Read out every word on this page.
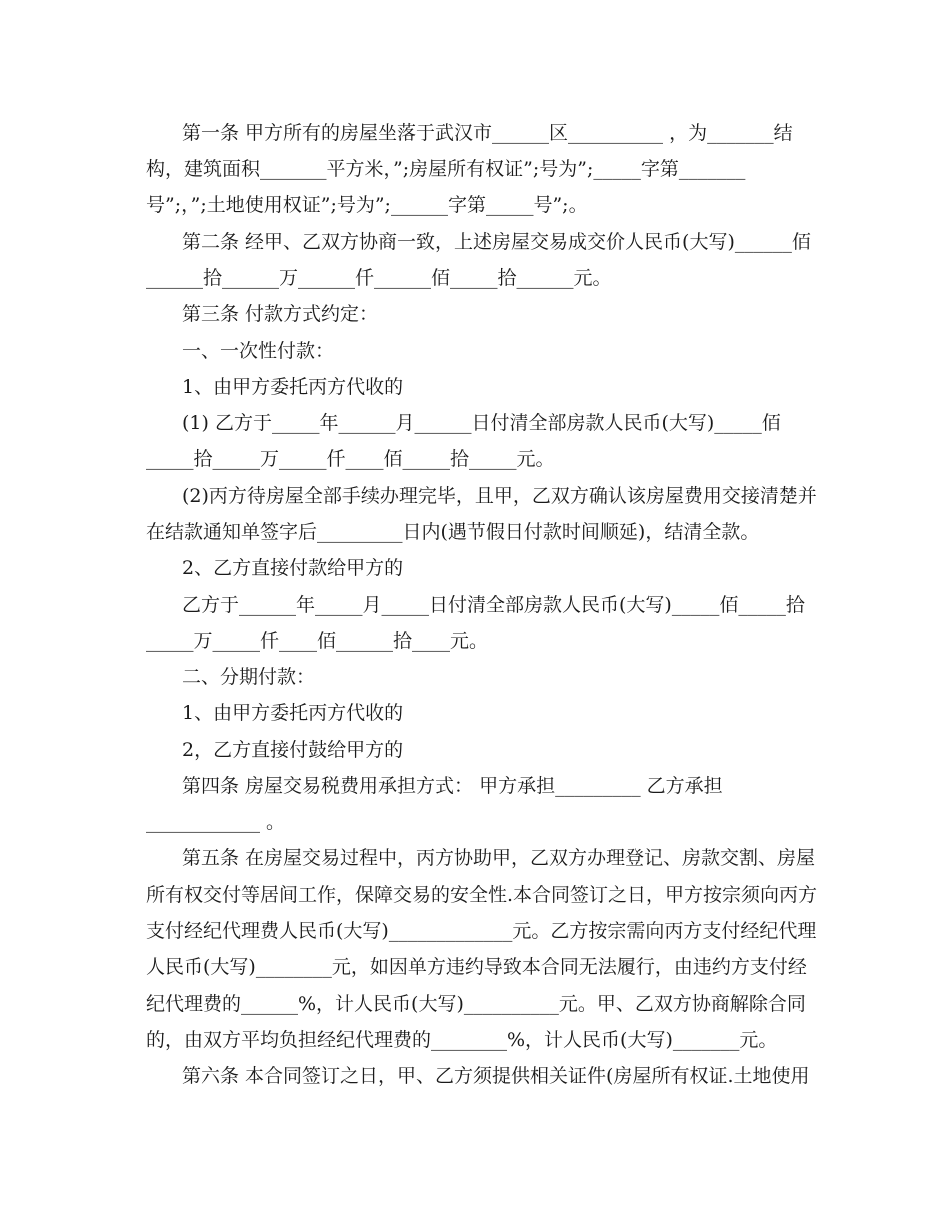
第一条 甲方所有的房屋坐落于武汉市______区__________ ，为_______结
构，建筑面积_______平方米，”;房屋所有权证”;号为”;_____字第_______
号”;，”;土地使用权证”;号为”;______字第_____号”;。
第二条 经甲、乙双方协商一致，上述房屋交易成交价人民币(大写)______佰
______拾______万______仟______佰_____拾______元。
第三条 付款方式约定：
一、一次性付款：
1、由甲方委托丙方代收的
(1) 乙方于_____年______月______日付清全部房款人民币(大写)_____佰
_____拾_____万_____仟____佰_____拾_____元。
(2)丙方待房屋全部手续办理完毕，且甲，乙双方确认该房屋费用交接清楚并
在结款通知单签字后_________日内(遇节假日付款时间顺延)，结清全款。
2、乙方直接付款给甲方的
乙方于______年_____月_____日付清全部房款人民币(大写)_____佰_____拾
_____万_____仟____佰______拾____元。
二、分期付款：
1、由甲方委托丙方代收的
2，乙方直接付鼓给甲方的
第四条 房屋交易税费用承担方式： 甲方承担_________ 乙方承担
____________ 。
第五条 在房屋交易过程中，丙方协助甲，乙双方办理登记、房款交割、房屋
所有权交付等居间工作，保障交易的安全性.本合同签订之日，甲方按宗须向丙方
支付经纪代理费人民币(大写)_____________元。乙方按宗需向丙方支付经纪代理
人民币(大写)________元，如因单方违约导致本合同无法履行，由违约方支付经
纪代理费的______%，计人民币(大写)__________元。甲、乙双方协商解除合同
的，由双方平均负担经纪代理费的________%，计人民币(大写)_______元。
第六条 本合同签订之日，甲、乙方须提供相关证件(房屋所有权证.土地使用
